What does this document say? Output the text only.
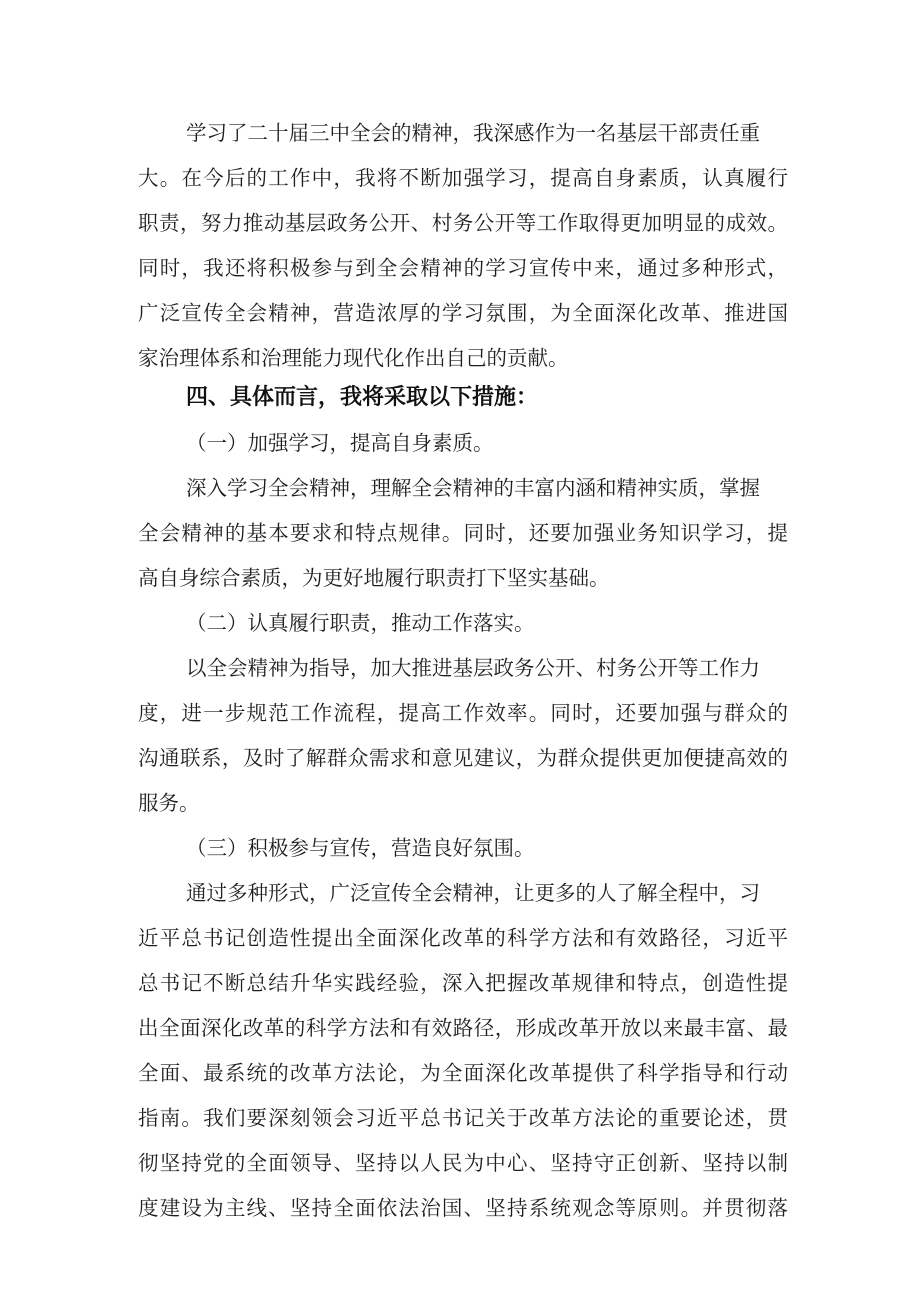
学习了二十届三中全会的精神，我深感作为一名基层干部责任重
大。在今后的工作中，我将不断加强学习，提高自身素质，认真履行
职责，努力推动基层政务公开、村务公开等工作取得更加明显的成效。
同时，我还将积极参与到全会精神的学习宣传中来，通过多种形式，
广泛宣传全会精神，营造浓厚的学习氛围，为全面深化改革、推进国
家治理体系和治理能力现代化作出自己的贡献。
四、具体而言，我将采取以下措施：
（一）加强学习，提高自身素质。
深入学习全会精神，理解全会精神的丰富内涵和精神实质，掌握
全会精神的基本要求和特点规律。同时，还要加强业务知识学习，提
高自身综合素质，为更好地履行职责打下坚实基础。
（二）认真履行职责，推动工作落实。
以全会精神为指导，加大推进基层政务公开、村务公开等工作力
度，进一步规范工作流程，提高工作效率。同时，还要加强与群众的
沟通联系，及时了解群众需求和意见建议，为群众提供更加便捷高效的
服务。
（三）积极参与宣传，营造良好氛围。
通过多种形式，广泛宣传全会精神，让更多的人了解全程中，习
近平总书记创造性提出全面深化改革的科学方法和有效路径，习近平
总书记不断总结升华实践经验，深入把握改革规律和特点，创造性提
出全面深化改革的科学方法和有效路径，形成改革开放以来最丰富、最
全面、最系统的改革方法论，为全面深化改革提供了科学指导和行动
指南。我们要深刻领会习近平总书记关于改革方法论的重要论述，贯
彻坚持党的全面领导、坚持以人民为中心、坚持守正创新、坚持以制
度建设为主线、坚持全面依法治国、坚持系统观念等原则。并贯彻落
